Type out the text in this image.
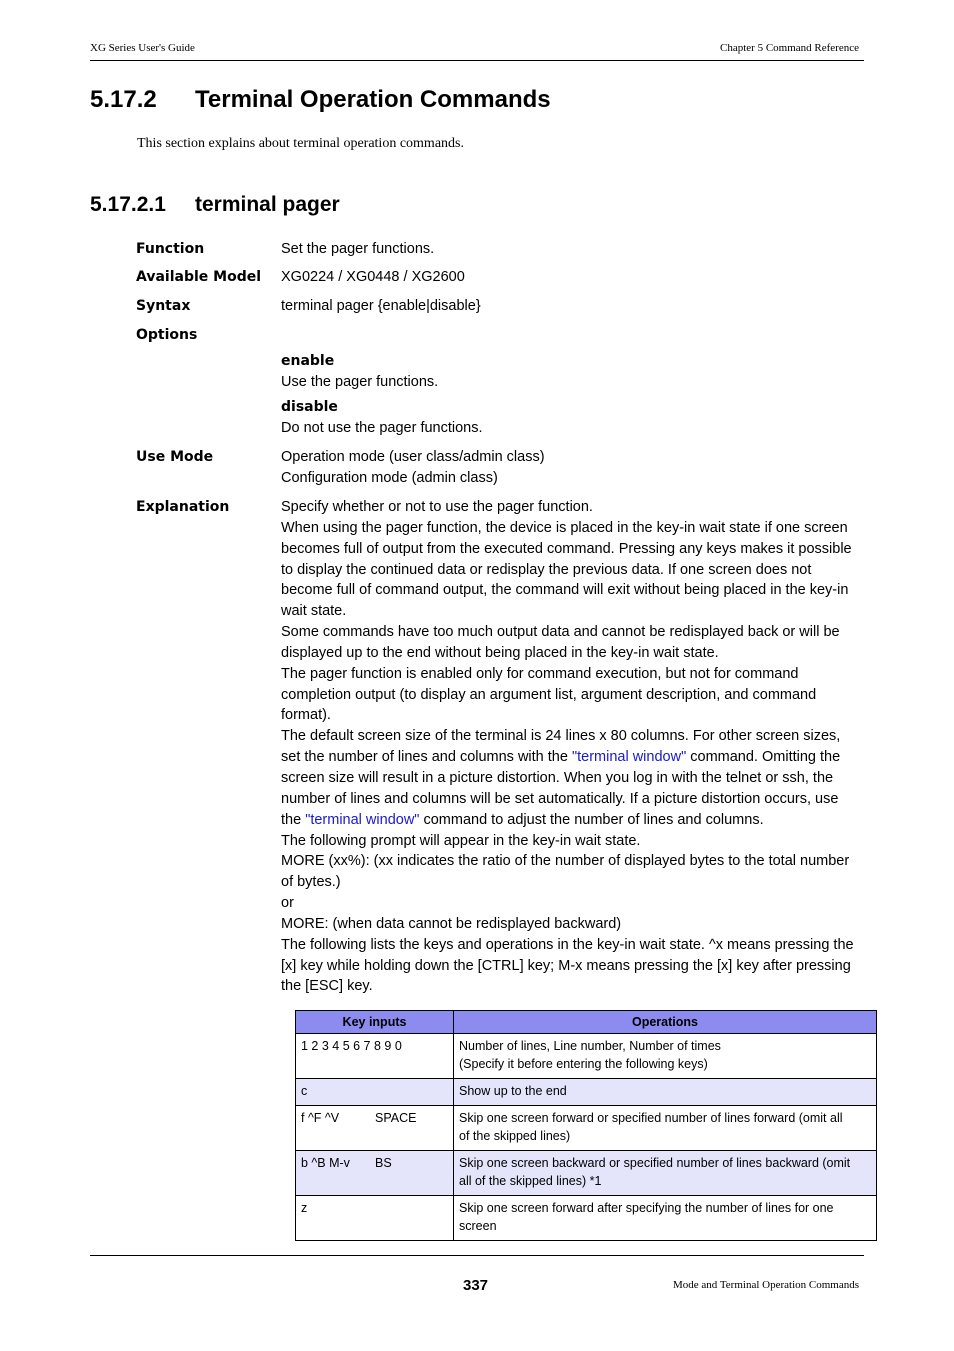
XG Series User's Guide	Chapter 5 Command Reference
5.17.2 Terminal Operation Commands
This section explains about terminal operation commands.
5.17.2.1 terminal pager
Function	Set the pager functions.
Available Model XG0224 / XG0448 / XG2600
Syntax	terminal pager {enable|disable}
Options
enable
Use the pager functions.
disable
Do not use the pager functions.
Use Mode	Operation mode (user class/admin class)
Configuration mode (admin class)
Explanation	Specify whether or not to use the pager function.
When using the pager function, the device is placed in the key-in wait state if one screen
becomes full of output from the executed command. Pressing any keys makes it possible
to display the continued data or redisplay the previous data. If one screen does not
become full of command output, the command will exit without being placed in the key-in
wait state.
Some commands have too much output data and cannot be redisplayed back or will be
displayed up to the end without being placed in the key-in wait state.
The pager function is enabled only for command execution, but not for command
completion output (to display an argument list, argument description, and command
format).
The default screen size of the terminal is 24 lines x 80 columns. For other screen sizes,
set the number of lines and columns with the "terminal window" command. Omitting the
screen size will result in a picture distortion. When you log in with the telnet or ssh, the
number of lines and columns will be set automatically. If a picture distortion occurs, use
the "terminal window" command to adjust the number of lines and columns.
The following prompt will appear in the key-in wait state.
MORE (xx%): (xx indicates the ratio of the number of displayed bytes to the total number
of bytes.)
or
MORE: (when data cannot be redisplayed backward)
The following lists the keys and operations in the key-in wait state. ^x means pressing the
[x] key while holding down the [CTRL] key; M-x means pressing the [x] key after pressing
the [ESC] key.
Key inputs	Operations
1 2 3 4 5 6 7 8 9 0	Number of lines, Line number, Number of times
(Specify it before entering the following keys)

c	Show up to the end

f ^F ^V SPACE	Skip one screen forward or specified number of lines forward (omit all
of the skipped lines)

b ^B M-v BS	Skip one screen backward or specified number of lines backward (omit
all of the skipped lines) *1

z	Skip one screen forward after specifying the number of lines for one
screen
337	Mode and Terminal Operation Commands
